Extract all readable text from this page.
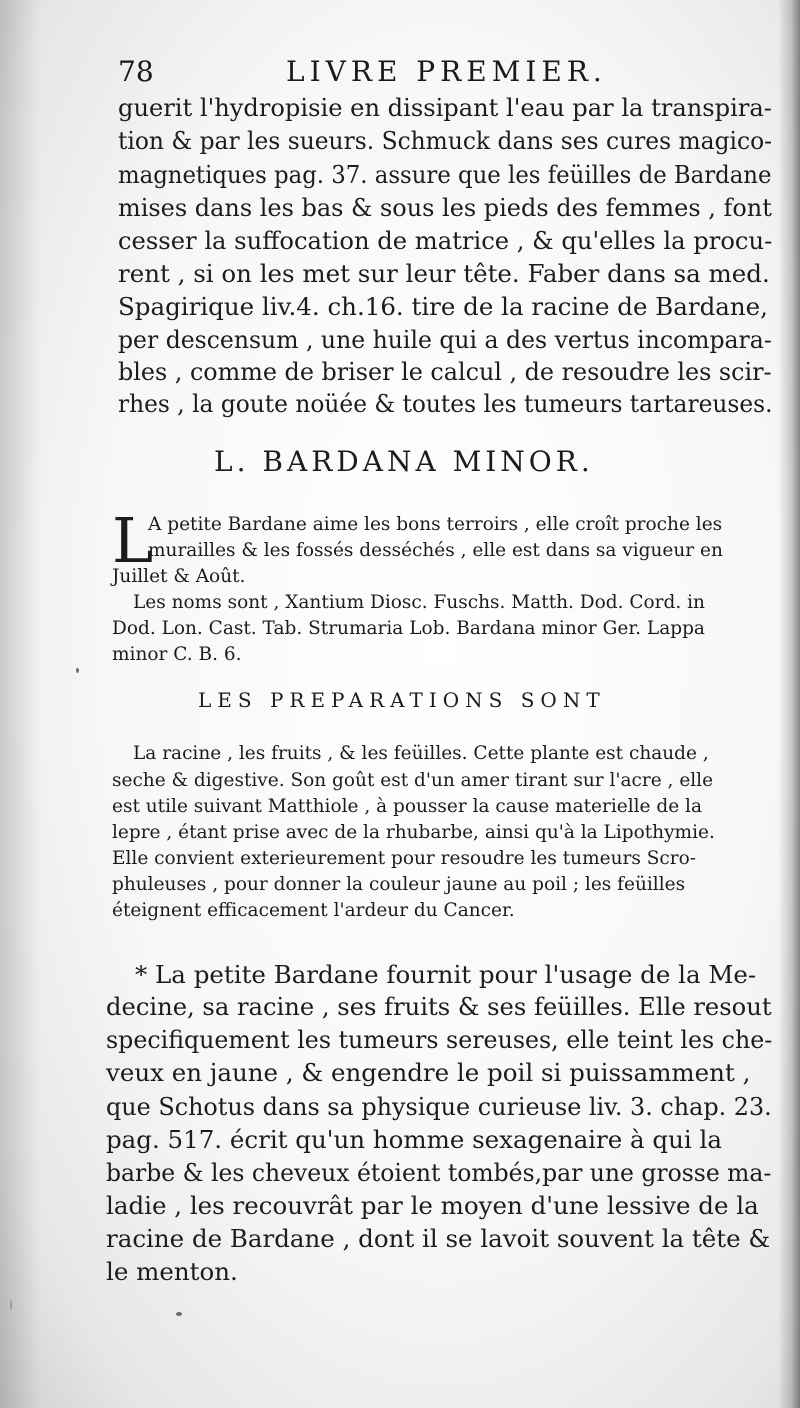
78	LIVRE PREMIER.
guerit l'hydropisie en dissipant l'eau par la transpira-
tion & par les sueurs. Schmuck dans ses cures magico-
magnetiques pag. 37. assure que les feüilles de Bardane
mises dans les bas & sous les pieds des femmes , font
cesser la suffocation de matrice , & qu'elles la procu-
rent , si on les met sur leur tête. Faber dans sa med.
Spagirique liv.4. ch.16. tire de la racine de Bardane,
per descensum , une huile qui a des vertus incompara-
bles , comme de briser le calcul , de resoudre les scir-
rhes , la goute noüée & toutes les tumeurs tartareuses.
L. BARDANA MINOR.
L
A petite Bardane aime les bons terroirs , elle croît proche les
murailles & les fossés desséchés , elle est dans sa vigueur en
Juillet & Août.
Les noms sont , Xantium Diosc. Fuschs. Matth. Dod. Cord. in
Dod. Lon. Cast. Tab. Strumaria Lob. Bardana minor Ger. Lappa
minor C. B. 6.
LES PREPARATIONS SONT
La racine , les fruits , & les feüilles. Cette plante est chaude ,
seche & digestive. Son goût est d'un amer tirant sur l'acre , elle
est utile suivant Matthiole , à pousser la cause materielle de la
lepre , étant prise avec de la rhubarbe, ainsi qu'à la Lipothymie.
Elle convient exterieurement pour resoudre les tumeurs Scro-
phuleuses , pour donner la couleur jaune au poil ; les feüilles
éteignent efficacement l'ardeur du Cancer.
* La petite Bardane fournit pour l'usage de la Me-
decine, sa racine , ses fruits & ses feüilles. Elle resout
specifiquement les tumeurs sereuses, elle teint les che-
veux en jaune , & engendre le poil si puissamment ,
que Schotus dans sa physique curieuse liv. 3. chap. 23.
pag. 517. écrit qu'un homme sexagenaire à qui la
barbe & les cheveux étoient tombés,par une grosse ma-
ladie , les recouvrât par le moyen d'une lessive de la
racine de Bardane , dont il se lavoit souvent la tête &
le menton.
